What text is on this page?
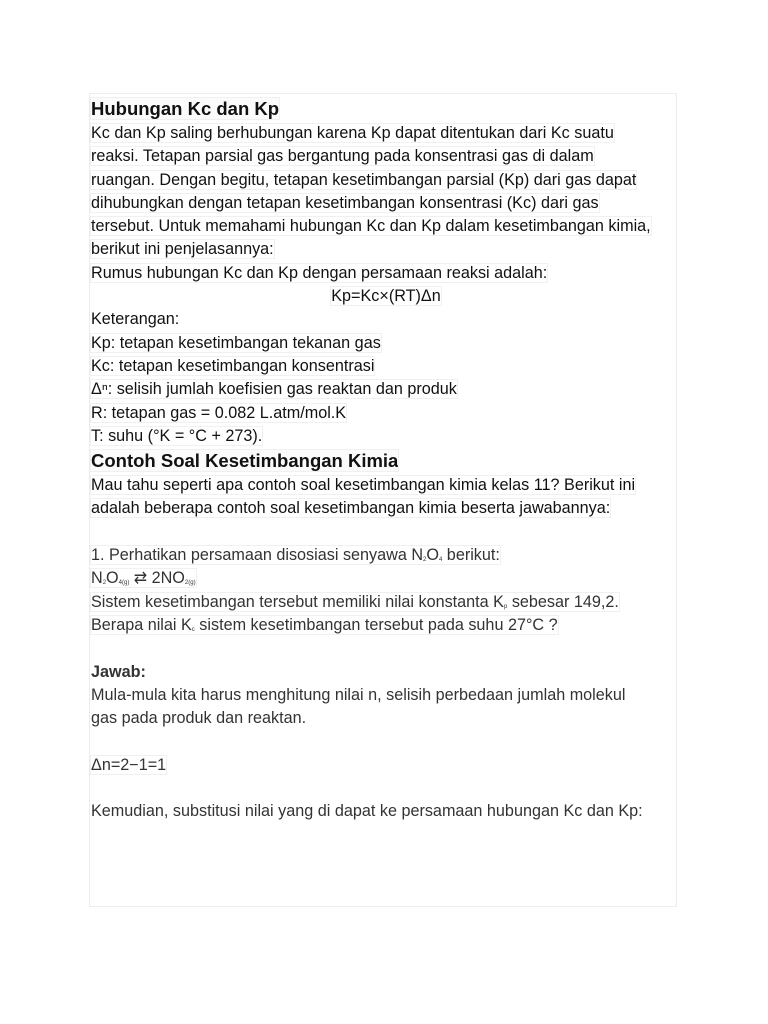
Hubungan Kc dan Kp
Kc dan Kp saling berhubungan karena Kp dapat ditentukan dari Kc suatu
reaksi. Tetapan parsial gas bergantung pada konsentrasi gas di dalam
ruangan. Dengan begitu, tetapan kesetimbangan parsial (Kp) dari gas dapat
dihubungkan dengan tetapan kesetimbangan konsentrasi (Kc) dari gas
tersebut. Untuk memahami hubungan Kc dan Kp dalam kesetimbangan kimia,
berikut ini penjelasannya:
Rumus hubungan Kc dan Kp dengan persamaan reaksi adalah:
Kp=Kc×(RT)Δn
Keterangan:
Kp: tetapan kesetimbangan tekanan gas
Kc: tetapan kesetimbangan konsentrasi
Δⁿ: selisih jumlah koefisien gas reaktan dan produk
R: tetapan gas = 0.082 L.atm/mol.K
T: suhu (°K = °C + 273).
Contoh Soal Kesetimbangan Kimia
Mau tahu seperti apa contoh soal kesetimbangan kimia kelas 11? Berikut ini
adalah beberapa contoh soal kesetimbangan kimia beserta jawabannya:
1. Perhatikan persamaan disosiasi senyawa $N_2O_4$ berikut:
$N_2O_{4(g)}$ ⇄ $2NO_{2(g)}$
Sistem kesetimbangan tersebut memiliki nilai konstanta $K_p$ sebesar 149,2.
Berapa nilai $K_c$ sistem kesetimbangan tersebut pada suhu 27°C ?
Jawab:
Mula-mula kita harus menghitung nilai n, selisih perbedaan jumlah molekul
gas pada produk dan reaktan.
Δn=2−1=1
Kemudian, substitusi nilai yang di dapat ke persamaan hubungan Kc dan Kp:
